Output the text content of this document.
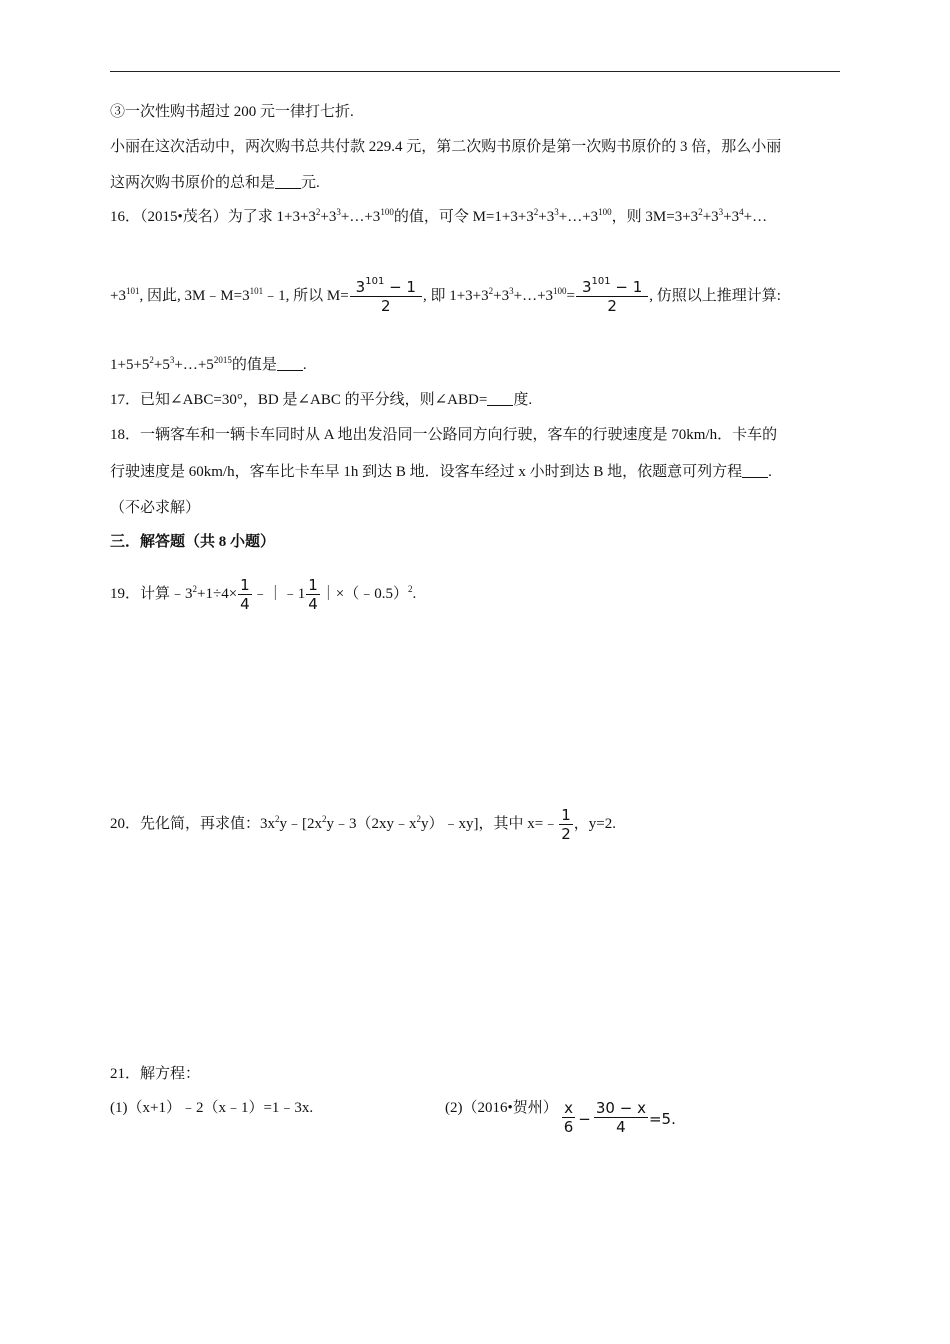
③一次性购书超过 200 元一律打七折.
小丽在这次活动中，两次购书总共付款 229.4 元，第二次购书原价是第一次购书原价的 3 倍，那么小丽
这两次购书原价的总和是 元.
16．（2015•茂名）为了求 $1+3+3^2+3^3+\dots+3^{100}$的值，可令 $M=1+3+3^2+3^3+\dots+3^{100}$，则 $3M=3+3^2+3^3+3^4+\dots$
$+3^{101}$, 因此, $3M﹣M=3^{101}﹣1$, 所以 $M= \frac{3^{101} - 1}{2}$ , 即 $1+3+3^2+3^3+\dots+3^{100}= \frac{3^{101} - 1}{2}$ , 仿照以上推理计算:
$1+5+5^2+5^3+\dots+5^{2015}$的值是 .
17．已知∠ABC=30°，BD 是∠ABC 的平分线，则∠ABD= 度.
18．一辆客车和一辆卡车同时从 A 地出发沿同一公路同方向行驶，客车的行驶速度是 70km/h．卡车的
行驶速度是 60km/h，客车比卡车早 1h 到达 B 地．设客车经过 x 小时到达 B 地，依题意可列方程 .
（不必求解）
三．解答题（共 8 小题）
19．计算$﹣3^2+1\div 4\times \frac{1}{4}$ ﹣｜﹣1 $\frac{1}{4}$ ｜×（﹣0.5）$^2$.
20．先化简，再求值：$3x^2y﹣[2x^2y﹣3(2xy﹣x^2y)﹣xy]$，其中 x=﹣ $\frac{1}{2}$ ，y=2.
21．解方程：
(1)（x+1）﹣2（x﹣1）=1﹣3x.	(2)（2016•贺州） $\frac{x}{6} - \frac{30 - x}{4} =5$.
